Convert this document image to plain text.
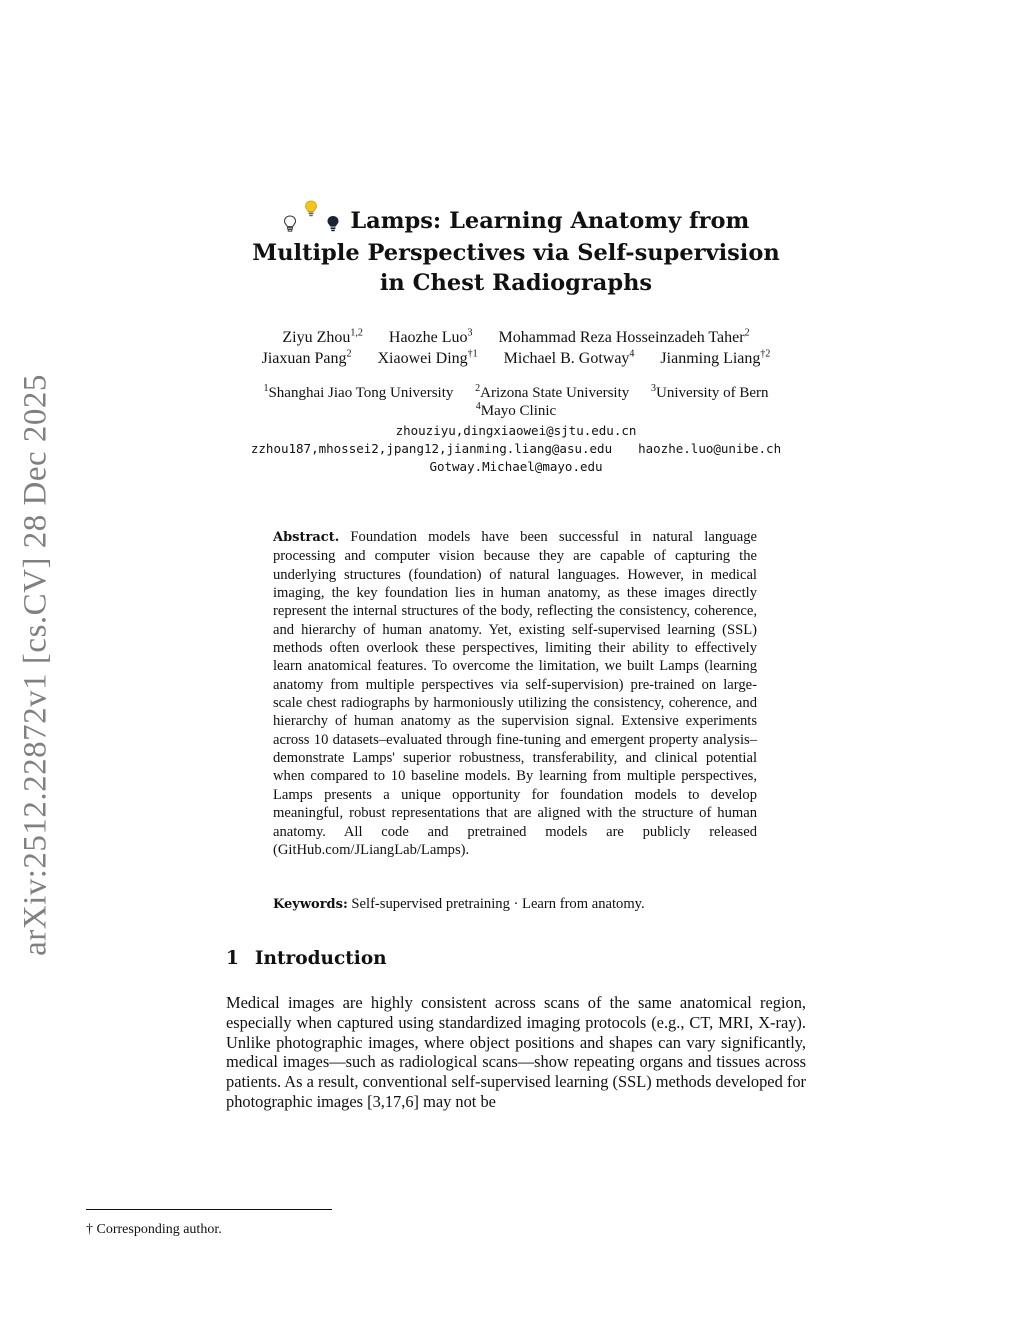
arXiv:2512.22872v1 [cs.CV] 28 Dec 2025
Lamps: Learning Anatomy from Multiple Perspectives via Self-supervision in Chest Radiographs
Ziyu Zhou$^{1,2}$ Haozhe Luo$^3$ Mohammad Reza Hosseinzadeh Taher$^2$
Jiaxuan Pang$^2$ Xiaowei Ding$^{\dagger 1}$ Michael B. Gotway$^4$ Jianming Liang$^{\dagger 2}$
$^1$Shanghai Jiao Tong University $^2$Arizona State University $^3$University of Bern
$^4$Mayo Clinic
zhouziyu,dingxiaowei@sjtu.edu.cn
zzhou187,mhossei2,jpang12,jianming.liang@asu.edu haozhe.luo@unibe.ch
Gotway.Michael@mayo.edu
Abstract. Foundation models have been successful in natural language processing and computer vision because they are capable of capturing the underlying structures (foundation) of natural languages. However, in medical imaging, the key foundation lies in human anatomy, as these images directly represent the internal structures of the body, reflecting the consistency, coherence, and hierarchy of human anatomy. Yet, existing self-supervised learning (SSL) methods often overlook these perspectives, limiting their ability to effectively learn anatomical features. To overcome the limitation, we built Lamps (learning anatomy from multiple perspectives via self-supervision) pre-trained on large-scale chest radiographs by harmoniously utilizing the consistency, coherence, and hierarchy of human anatomy as the supervision signal. Extensive experiments across 10 datasets–evaluated through fine-tuning and emergent property analysis–demonstrate Lamps' superior robustness, transferability, and clinical potential when compared to 10 baseline models. By learning from multiple perspectives, Lamps presents a unique opportunity for foundation models to develop meaningful, robust representations that are aligned with the structure of human anatomy. All code and pretrained models are publicly released (GitHub.com/JLiangLab/Lamps).
Keywords: Self-supervised pretraining · Learn from anatomy.
1 Introduction
Medical images are highly consistent across scans of the same anatomical region, especially when captured using standardized imaging protocols (e.g., CT, MRI, X-ray). Unlike photographic images, where object positions and shapes can vary significantly, medical images—such as radiological scans—show repeating organs and tissues across patients. As a result, conventional self-supervised learning (SSL) methods developed for photographic images [3,17,6] may not be
† Corresponding author.
